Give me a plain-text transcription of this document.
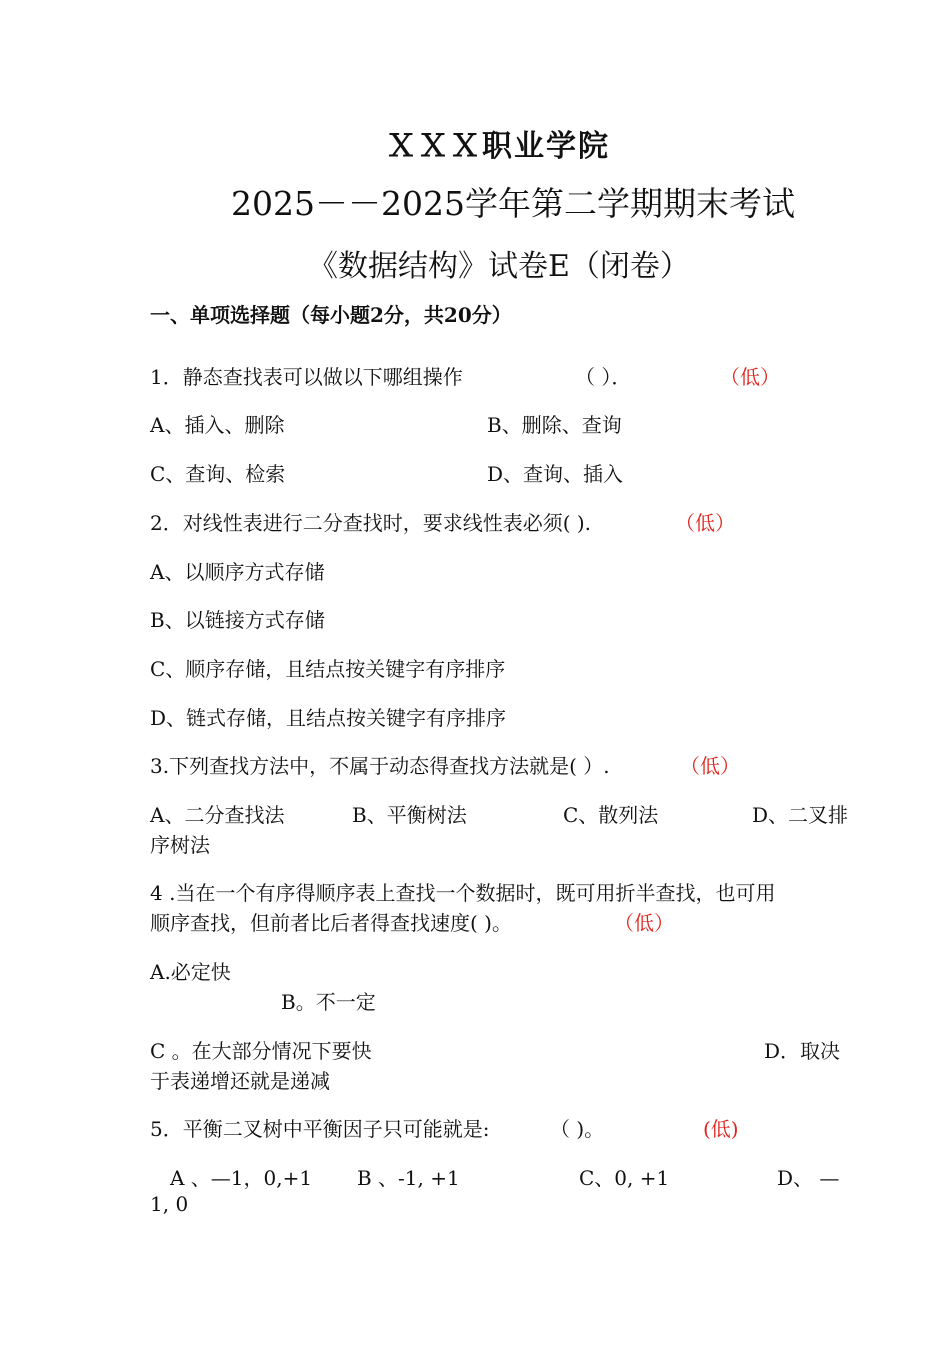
ＸＸＸ职业学院
2025－－2025学年第二学期期末考试
《数据结构》试卷E（闭卷）
一、单项选择题（每小题2分，共20分）
1．静态查找表可以做以下哪组操作	（ ）．	（低）
A、插入、删除	B、删除、查询
C、查询、检索	D、查询、插入
2．对线性表进行二分查找时，要求线性表必须( ).	（低）
A、以顺序方式存储
B、以链接方式存储
C、顺序存储，且结点按关键字有序排序
D、链式存储，且结点按关键字有序排序
3.下列查找方法中，不属于动态得查找方法就是( ）.	（低）
A、二分查找法	B、平衡树法	C、散列法	D、二叉排
序树法
4 .当在一个有序得顺序表上查找一个数据时，既可用折半查找，也可用
顺序查找，但前者比后者得查找速度( )。	（低）
A.必定快
B。不一定
C 。在大部分情况下要快	D．取决
于表递增还就是递减
5．平衡二叉树中平衡因子只可能就是:	（ )。	(低)
A 、—1，0,+1 B 、-1, +1	C、0, +1	D、 —
1, 0
